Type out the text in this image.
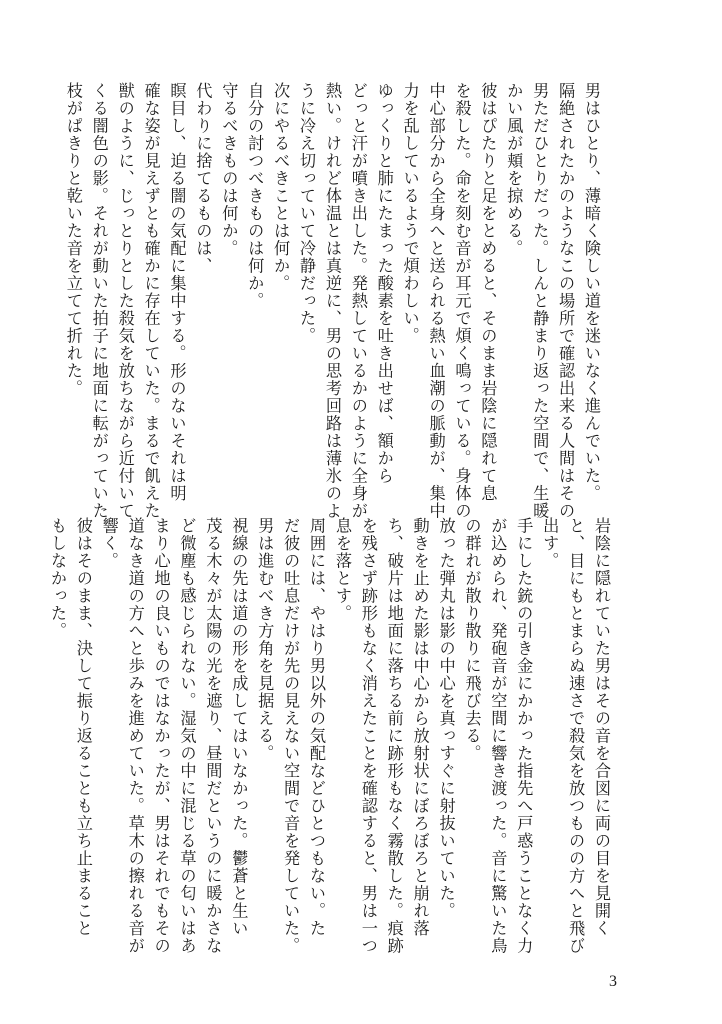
男はひとり、薄暗く険しい道を迷いなく進んでいた。

隔絶されたかのようなこの場所で確認出来る人間はその

男ただひとりだった。しんと静まり返った空間で、生暖

かい風が頬を掠める。

彼はぴたりと足をとめると、そのまま岩陰に隠れて息

を殺した。命を刻む音が耳元で煩く鳴っている。身体の

中心部分から全身へと送られる熱い血潮の脈動が、集中

力を乱しているようで煩わしい。

ゆっくりと肺にたまった酸素を吐き出せば、額から

どっと汗が噴き出した。発熱しているかのように全身が

熱い。けれど体温とは真逆に、男の思考回路は薄氷のよ

うに冷え切っていて冷静だった。

次にやるべきことは何か。

自分の討つべきものは何か。

守るべきものは何か。

代わりに捨てるものは、

瞑目し、迫る闇の気配に集中する。形のないそれは明

確な姿が見えずとも確かに存在していた。まるで飢えた

獣のように、じっとりとした殺気を放ちながら近付いて

くる闇色の影。それが動いた拍子に地面に転がっていた

枝がぱきりと乾いた音を立てて折れた。

岩陰に隠れていた男はその音を合図に両の目を見開く

と、目にもとまらぬ速さで殺気を放つものの方へと飛び

出す。

手にした銃の引き金にかかった指先へ戸惑うことなく力

が込められ、発砲音が空間に響き渡った。音に驚いた鳥

の群れが散り散りに飛び去る。

放った弾丸は影の中心を真っすぐに射抜いていた。

動きを止めた影は中心から放射状にぼろぼろと崩れ落

ち、破片は地面に落ちる前に跡形もなく霧散した。痕跡

を残さず跡形もなく消えたことを確認すると、男は一つ

息を落とす。

周囲には、やはり男以外の気配などひとつもない。た

だ彼の吐息だけが先の見えない空間で音を発していた。

男は進むべき方角を見据える。

視線の先は道の形を成してはいなかった。鬱蒼と生い

茂る木々が太陽の光を遮り、昼間だというのに暖かさな

ど微塵も感じられない。湿気の中に混じる草の匂いはあ

まり心地の良いものではなかったが、男はそれでもその

道なき道の方へと歩みを進めていた。草木の擦れる音が

響く。

彼はそのまま、決して振り返ることも立ち止まること

もしなかった。

3
